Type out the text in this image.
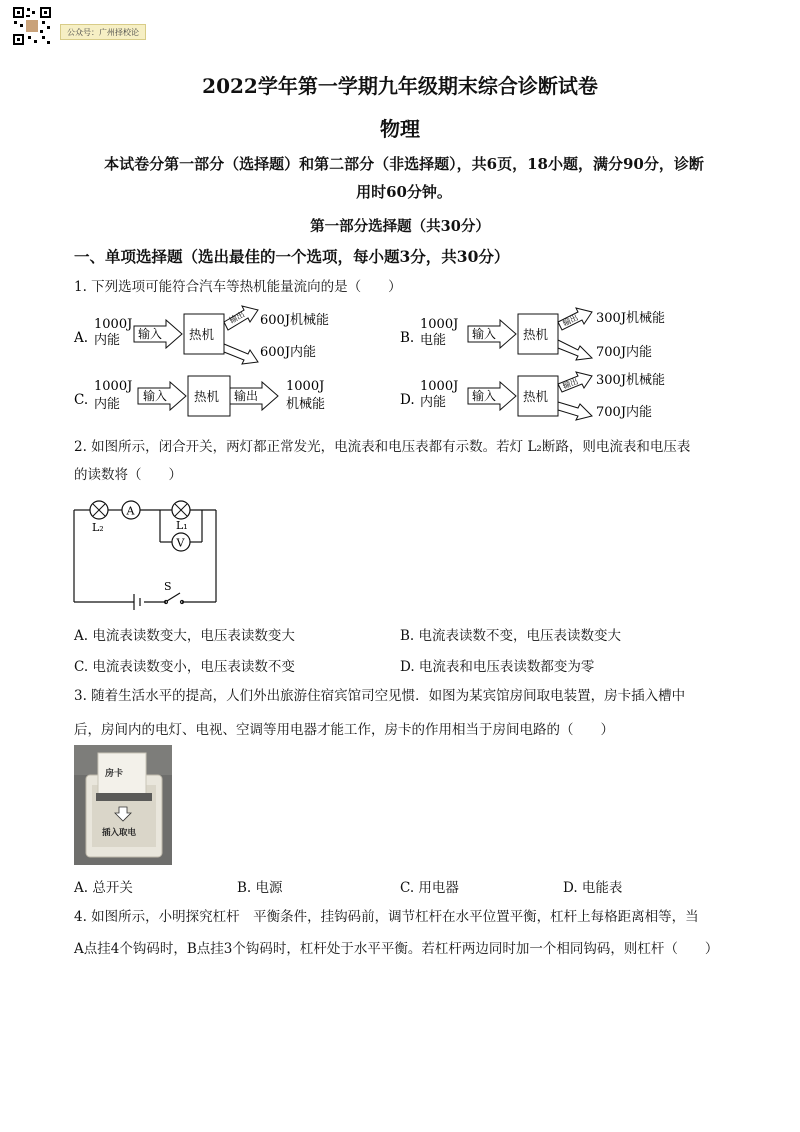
公众号：广州择校论
2022学年第一学期九年级期末综合诊断试卷
物理
本试卷分第一部分（选择题）和第二部分（非选择题），共6页，18小题，满分90分，诊断
用时60分钟。
第一部分选择题（共30分）
一、单项选择题（选出最佳的一个选项，每小题3分，共30分）
1. 下列选项可能符合汽车等热机能量流向的是（　　）
A.
1000J
内能 输入 热机
输出 600J机械能
600J内能
B.
1000J
电能 输入 热机
输出 300J机械能
700J内能
C.
1000J
内能
输入 热机 输出
1000J
机械能	D.
1000J
内能 输入 热机
输出 300J机械能
700J内能
2. 如图所示，闭合开关，两灯都正常发光，电流表和电压表都有示数。若灯 L₂断路，则电流表和电压表
的读数将（　　）
A
V
L₂	L₁
S
A. 电流表读数变大，电压表读数变大	B. 电流表读数不变，电压表读数变大
C. 电流表读数变小，电压表读数不变	D. 电流表和电压表读数都变为零
3. 随着生活水平的提高，人们外出旅游住宿宾馆司空见惯．如图为某宾馆房间取电装置，房卡插入槽中
后，房间内的电灯、电视、空调等用电器才能工作，房卡的作用相当于房间电路的（　　）
房卡
插入取电
A. 总开关	B. 电源	C. 用电器	D. 电能表
4. 如图所示，小明探究杠杆　平衡条件，挂钩码前，调节杠杆在水平位置平衡，杠杆上每格距离相等，当
A点挂4个钩码时，B点挂3个钩码时，杠杆处于水平平衡。若杠杆两边同时加一个相同钩码，则杠杆（　　）
